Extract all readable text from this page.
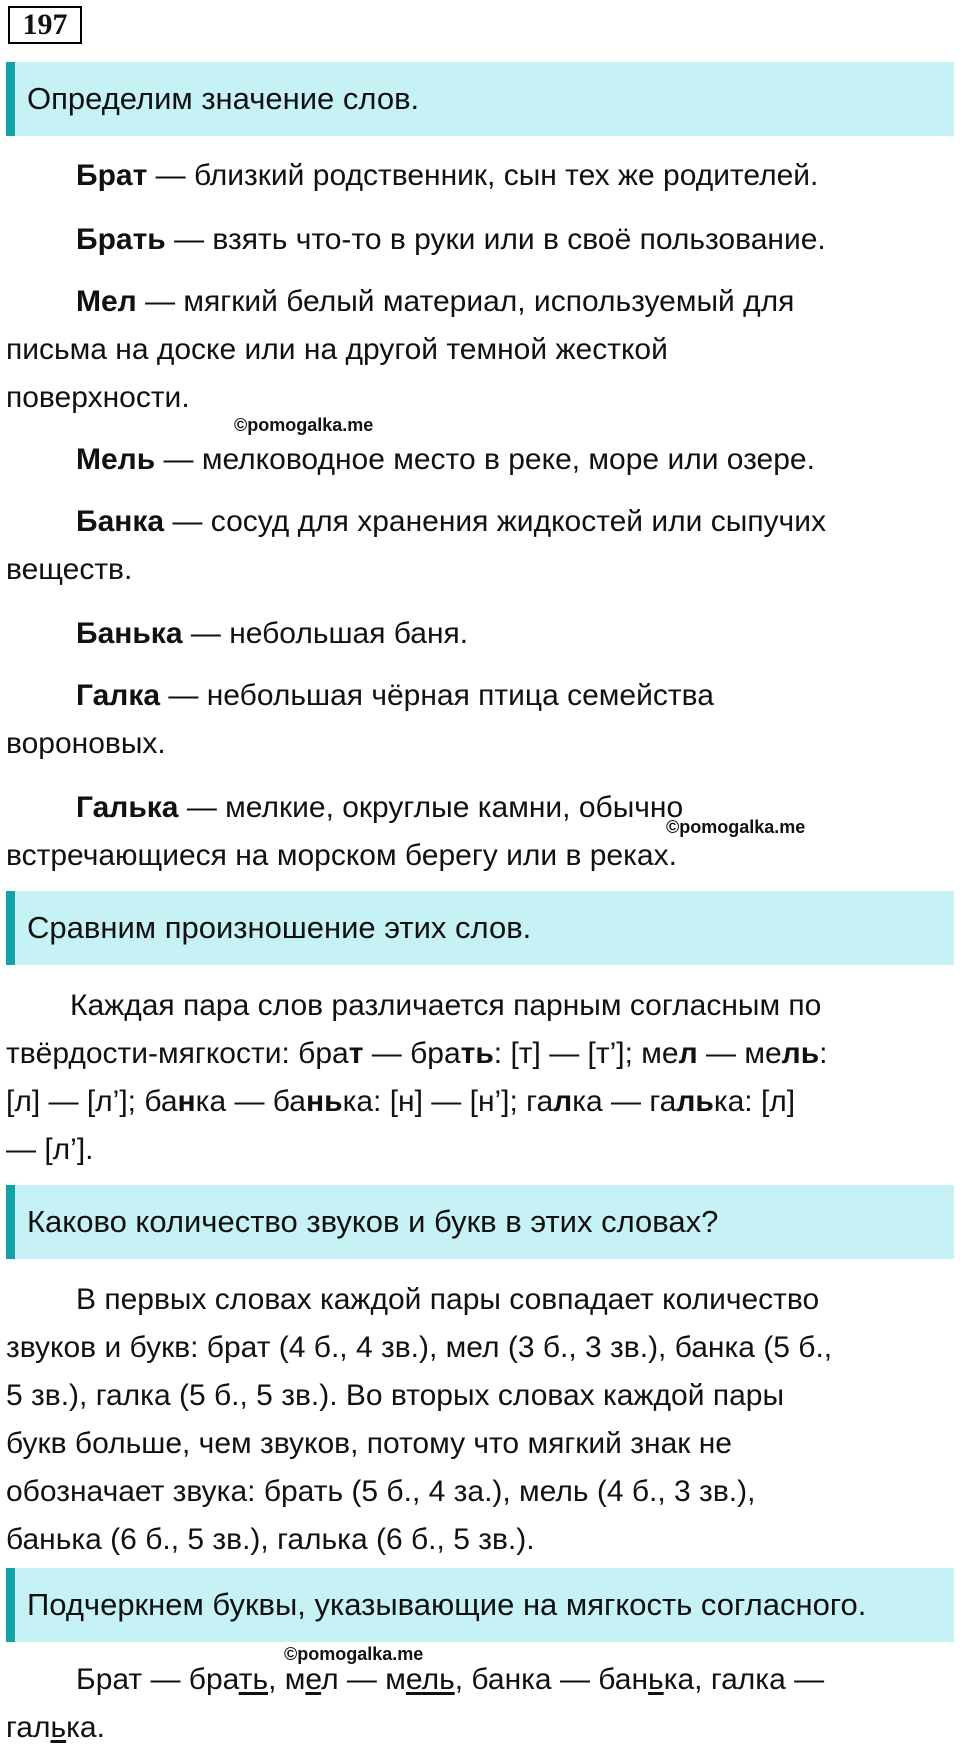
197
Определим значение слов.
Брат — близкий родственник, сын тех же родителей.
Брать — взять что-то в руки или в своё пользование.
Мел — мягкий белый материал, используемый для
письма на доске или на другой темной жесткой
поверхности.
©pomogalka.me
Мель — мелководное место в реке, море или озере.
Банка — сосуд для хранения жидкостей или сыпучих
веществ.
Банька — небольшая баня.
Галка — небольшая чёрная птица семейства
вороновых.
Галька — мелкие, округлые камни, обычно
©pomogalka.me
встречающиеся на морском берегу или в реках.
Сравним произношение этих слов.
Каждая пара слов различается парным согласным по
твёрдости-мягкости: брат — брать: [т] — [т’]; мел — мель:
[л] — [л’]; банка — банька: [н] — [н’]; галка — галька: [л]
— [л’].
Каково количество звуков и букв в этих словах?
В первых словах каждой пары совпадает количество
звуков и букв: брат (4 б., 4 зв.), мел (3 б., 3 зв.), банка (5 б.,
5 зв.), галка (5 б., 5 зв.). Во вторых словах каждой пары
букв больше, чем звуков, потому что мягкий знак не
обозначает звука: брать (5 б., 4 за.), мель (4 б., 3 зв.),
банька (6 б., 5 зв.), галька (6 б., 5 зв.).
Подчеркнем буквы, указывающие на мягкость согласного.
©pomogalka.me
Брат — брать, мел — мель, банка — банька, галка —
галька.
